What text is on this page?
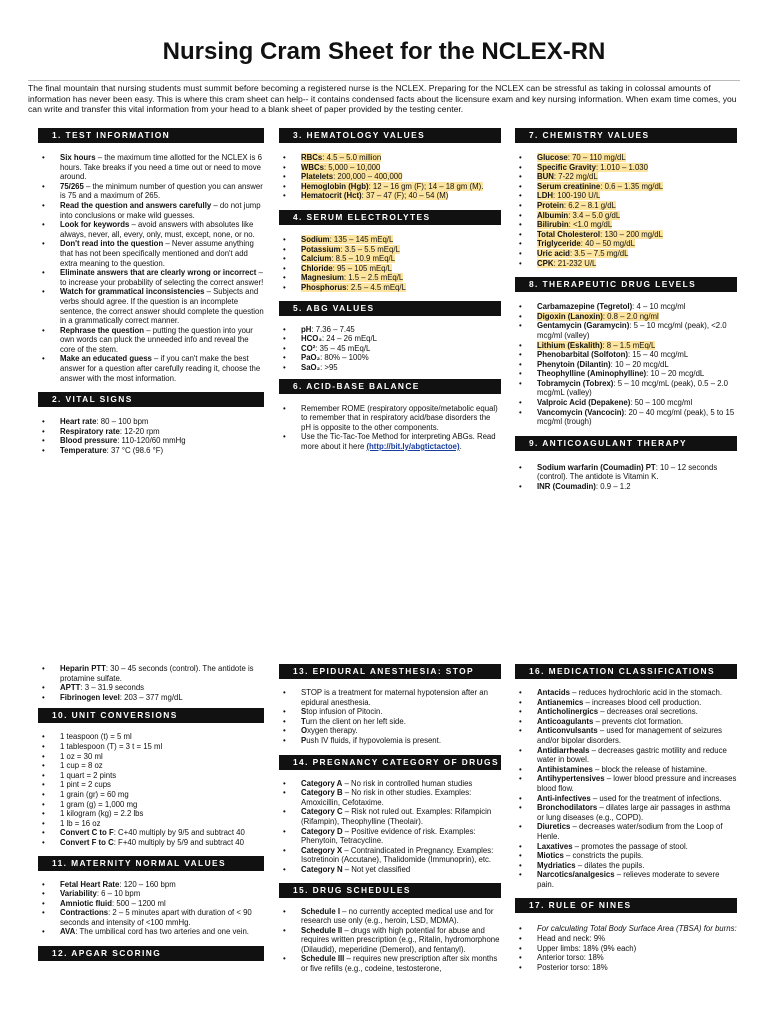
Nursing Cram Sheet for the NCLEX-RN
The final mountain that nursing students must summit before becoming a registered nurse is the NCLEX. Preparing for the NCLEX can be stressful as taking in colossal amounts of information has never been easy. This is where this cram sheet can help-- it contains condensed facts about the licensure exam and key nursing information. When exam time comes, you can write and transfer this vital information from your head to a blank sheet of paper provided by the testing center.
1. TEST INFORMATION
• Six hours – the maximum time allotted for the NCLEX is 6 hours. Take breaks if you need a time out or need to move around.
• 75/265 – the minimum number of question you can answer is 75 and a maximum of 265.
• Read the question and answers carefully – do not jump into conclusions or make wild guesses.
• Look for keywords – avoid answers with absolutes like always, never, all, every, only, must, except, none, or no.
• Don't read into the question – Never assume anything that has not been specifically mentioned and don't add extra meaning to the question.
• Eliminate answers that are clearly wrong or incorrect – to increase your probability of selecting the correct answer!
• Watch for grammatical inconsistencies – Subjects and verbs should agree. If the question is an incomplete sentence, the correct answer should complete the question in a grammatically correct manner.
• Rephrase the question – putting the question into your own words can pluck the unneeded info and reveal the core of the stem.
• Make an educated guess – if you can't make the best answer for a question after carefully reading it, choose the answer with the most information.
2. VITAL SIGNS
• Heart rate: 80 – 100 bpm
• Respiratory rate: 12-20 rpm
• Blood pressure: 110-120/60 mmHg
• Temperature: 37 °C (98.6 °F)
3. HEMATOLOGY VALUES
• RBCs: 4.5 – 5.0 million
• WBCs: 5,000 – 10,000
• Platelets: 200,000 – 400,000
• Hemoglobin (Hgb): 12 – 16 gm (F); 14 – 18 gm (M).
• Hematocrit (Hct): 37 – 47 (F); 40 – 54 (M)
4. SERUM ELECTROLYTES
• Sodium: 135 – 145 mEq/L
• Potassium: 3.5 – 5.5 mEq/L
• Calcium: 8.5 – 10.9 mEq/L
• Chloride: 95 – 105 mEq/L
• Magnesium: 1.5 – 2.5 mEq/L
• Phosphorus: 2.5 – 4.5 mEq/L
5. ABG VALUES
• pH: 7.36 – 7.45
• HCO₃: 24 – 26 mEq/L
• CO²: 35 – 45 mEq/L
• PaO₂: 80% – 100%
• SaO₂: >95
6. ACID-BASE BALANCE
• Remember ROME (respiratory opposite/metabolic equal) to remember that in respiratory acid/base disorders the pH is opposite to the other components.
• Use the Tic-Tac-Toe Method for interpreting ABGs. Read more about it here (http://bit.ly/abgtictactoe).
7. CHEMISTRY VALUES
• Glucose: 70 – 110 mg/dL
• Specific Gravity: 1.010 – 1.030
• BUN: 7-22 mg/dL
• Serum creatinine: 0.6 – 1.35 mg/dL
• LDH: 100-190 U/L
• Protein: 6.2 – 8.1 g/dL
• Albumin: 3.4 – 5.0 g/dL
• Bilirubin: <1.0 mg/dL
• Total Cholesterol: 130 – 200 mg/dL
• Triglyceride: 40 – 50 mg/dL
• Uric acid: 3.5 – 7.5 mg/dL
• CPK: 21-232 U/L
8. THERAPEUTIC DRUG LEVELS
• Carbamazepine (Tegretol): 4 – 10 mcg/ml
• Digoxin (Lanoxin): 0.8 – 2.0 ng/ml
• Gentamycin (Garamycin): 5 – 10 mcg/ml (peak), <2.0 mcg/ml (valley)
• Lithium (Eskalith): 8 – 1.5 mEq/L
• Phenobarbital (Solfoton): 15 – 40 mcg/mL
• Phenytoin (Dilantin): 10 – 20 mcg/dL
• Theophylline (Aminophylline): 10 – 20 mcg/dL
• Tobramycin (Tobrex): 5 – 10 mcg/mL (peak), 0.5 – 2.0 mcg/mL (valley)
• Valproic Acid (Depakene): 50 – 100 mcg/ml
• Vancomycin (Vancocin): 20 – 40 mcg/ml (peak), 5 to 15 mcg/ml (trough)
9. ANTICOAGULANT THERAPY
• Sodium warfarin (Coumadin) PT: 10 – 12 seconds (control). The antidote is Vitamin K.
• INR (Coumadin): 0.9 – 1.2
• Heparin PTT: 30 – 45 seconds (control). The antidote is protamine sulfate.
• APTT: 3 – 31.9 seconds
• Fibrinogen level: 203 – 377 mg/dL
10. UNIT CONVERSIONS
• 1 teaspoon (t) = 5 ml
• 1 tablespoon (T) = 3 t = 15 ml
• 1 oz = 30 ml
• 1 cup = 8 oz
• 1 quart = 2 pints
• 1 pint = 2 cups
• 1 grain (gr) = 60 mg
• 1 gram (g) = 1,000 mg
• 1 kilogram (kg) = 2.2 lbs
• 1 lb = 16 oz
• Convert C to F: C+40 multiply by 9/5 and subtract 40
• Convert F to C: F+40 multiply by 5/9 and subtract 40
11. MATERNITY NORMAL VALUES
• Fetal Heart Rate: 120 – 160 bpm
• Variability: 6 – 10 bpm
• Amniotic fluid: 500 – 1200 ml
• Contractions: 2 – 5 minutes apart with duration of < 90 seconds and intensity of <100 mmHg.
• AVA: The umbilical cord has two arteries and one vein.
12. APGAR SCORING
13. EPIDURAL ANESTHESIA: STOP
• STOP is a treatment for maternal hypotension after an epidural anesthesia.
• Stop infusion of Pitocin.
• Turn the client on her left side.
• Oxygen therapy.
• Push IV fluids, if hypovolemia is present.
14. PREGNANCY CATEGORY OF DRUGS
• Category A – No risk in controlled human studies
• Category B – No risk in other studies. Examples: Amoxicillin, Cefotaxime.
• Category C – Risk not ruled out. Examples: Rifampicin (Rifampin), Theophylline (Theolair).
• Category D – Positive evidence of risk. Examples: Phenytoin, Tetracycline.
• Category X – Contraindicated in Pregnancy. Examples: Isotretinoin (Accutane), Thalidomide (Immunoprin), etc.
• Category N – Not yet classified
15. DRUG SCHEDULES
• Schedule I – no currently accepted medical use and for research use only (e.g., heroin, LSD, MDMA).
• Schedule II – drugs with high potential for abuse and requires written prescription (e.g., Ritalin, hydromorphone (Dilaudid), meperidine (Demerol), and fentanyl).
• Schedule III – requires new prescription after six months or five refills (e.g., codeine, testosterone,
16. MEDICATION CLASSIFICATIONS
• Antacids – reduces hydrochloric acid in the stomach.
• Antianemics – increases blood cell production.
• Anticholinergics – decreases oral secretions.
• Anticoagulants – prevents clot formation.
• Anticonvulsants – used for management of seizures and/or bipolar disorders.
• Antidiarrheals – decreases gastric motility and reduce water in bowel.
• Antihistamines – block the release of histamine.
• Antihypertensives – lower blood pressure and increases blood flow.
• Anti-infectives – used for the treatment of infections.
• Bronchodilators – dilates large air passages in asthma or lung diseases (e.g., COPD).
• Diuretics – decreases water/sodium from the Loop of Henle.
• Laxatives – promotes the passage of stool.
• Miotics – constricts the pupils.
• Mydriatics – dilates the pupils.
• Narcotics/analgesics – relieves moderate to severe pain.
17. RULE OF NINES
• For calculating Total Body Surface Area (TBSA) for burns:
• Head and neck: 9%
• Upper limbs: 18% (9% each)
• Anterior torso: 18%
• Posterior torso: 18%
